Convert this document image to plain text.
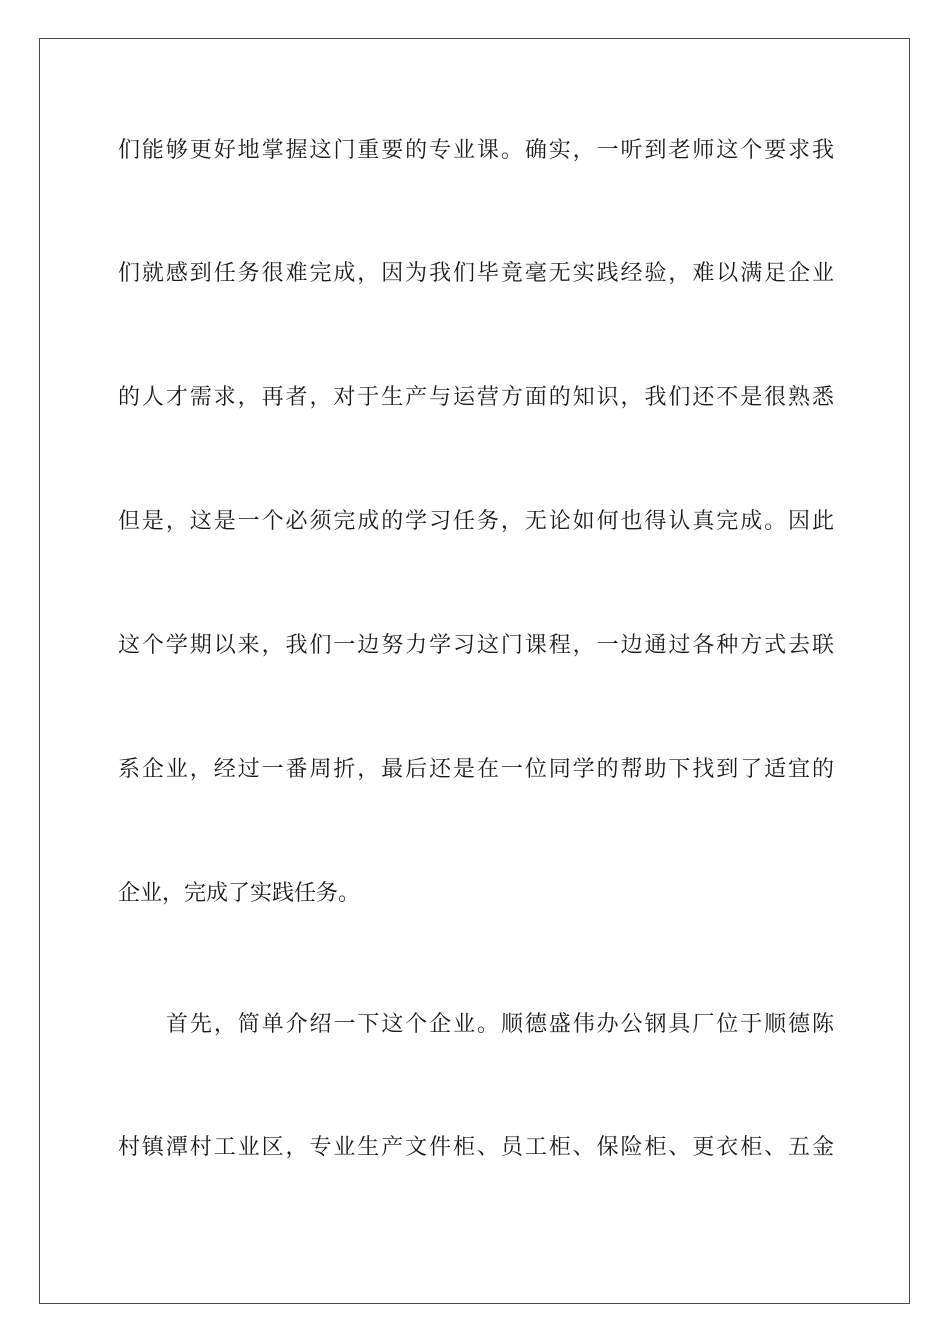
们能够更好地掌握这门重要的专业课。确实，一听到老师这个要求我
们就感到任务很难完成，因为我们毕竟毫无实践经验，难以满足企业
的人才需求，再者，对于生产与运营方面的知识，我们还不是很熟悉
但是，这是一个必须完成的学习任务，无论如何也得认真完成。因此
这个学期以来，我们一边努力学习这门课程，一边通过各种方式去联
系企业，经过一番周折，最后还是在一位同学的帮助下找到了适宜的
企业，完成了实践任务。
首先，简单介绍一下这个企业。顺德盛伟办公钢具厂位于顺德陈
村镇潭村工业区，专业生产文件柜、员工柜、保险柜、更衣柜、五金
